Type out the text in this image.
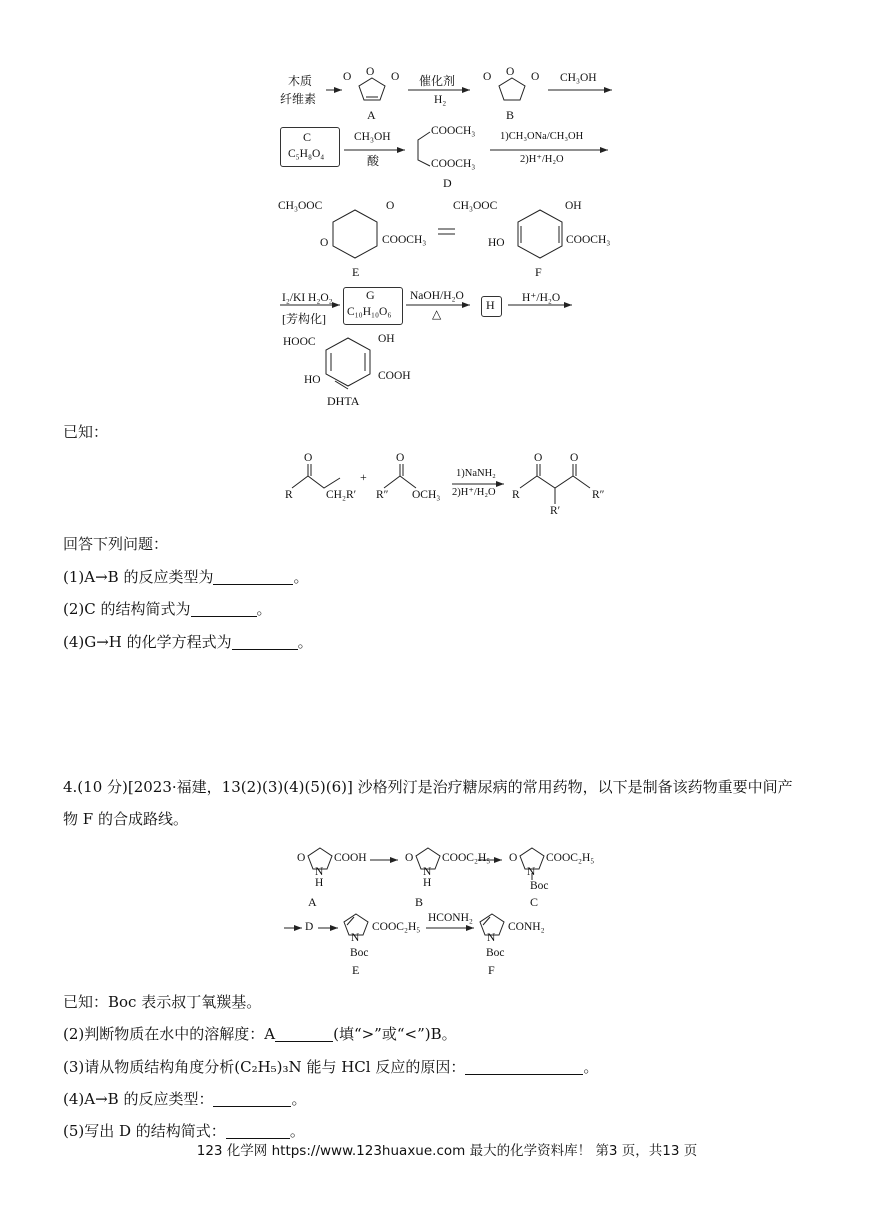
木质
纤维素
O O O
A
催化剂
H₂
O O O
B
CH₃OH
C
C₅H₈O₄
CH₃OH
酸
COOCH₃
COOCH₃
D
1)CH₃ONa/CH₃OH
2)H⁺/H₂O
CH₃OOC	O
O	COOCH₃
E
CH₃OOC	OH
HO	COOCH₃
F
I₂/KI H₂O₂
[芳构化]
G
C₁₀H₁₀O₆
NaOH/H₂O
△
H H⁺/H₂O
HOOC	OH
HO	COOH
DHTA
已知：
O
R	CH₂R′
+
O
R″ OCH₃
1)NaNH₂
2)H⁺/H₂O
O O
R	R″
R′
回答下列问题：
(1)A→B 的反应类型为	。
(2)C 的结构简式为	。
(4)G→H 的化学方程式为	。
4.(10 分)[2023·福建，13(2)(3)(4)(5)(6)] 沙格列汀是治疗糖尿病的常用药物，以下是制备该药物重要中间产
物 F 的合成路线。
O
N
H
COOH
A
O
N
H
COOC₂H₅
B
O
N
Boc
COOC₂H₅
C
D
N
Boc
COOC₂H₅
E
HCONH₂
N
Boc
CONH₂
F
已知：Boc 表示叔丁氧羰基。
(2)判断物质在水中的溶解度：A	(填“>”或“<”)B。
(3)请从物质结构角度分析(C₂H₅)₃N 能与 HCl 反应的原因：	。
(4)A→B 的反应类型：	。
(5)写出 D 的结构简式：	。
123 化学网 https://www.123huaxue.com 最大的化学资料库！ 第3 页，共13 页
